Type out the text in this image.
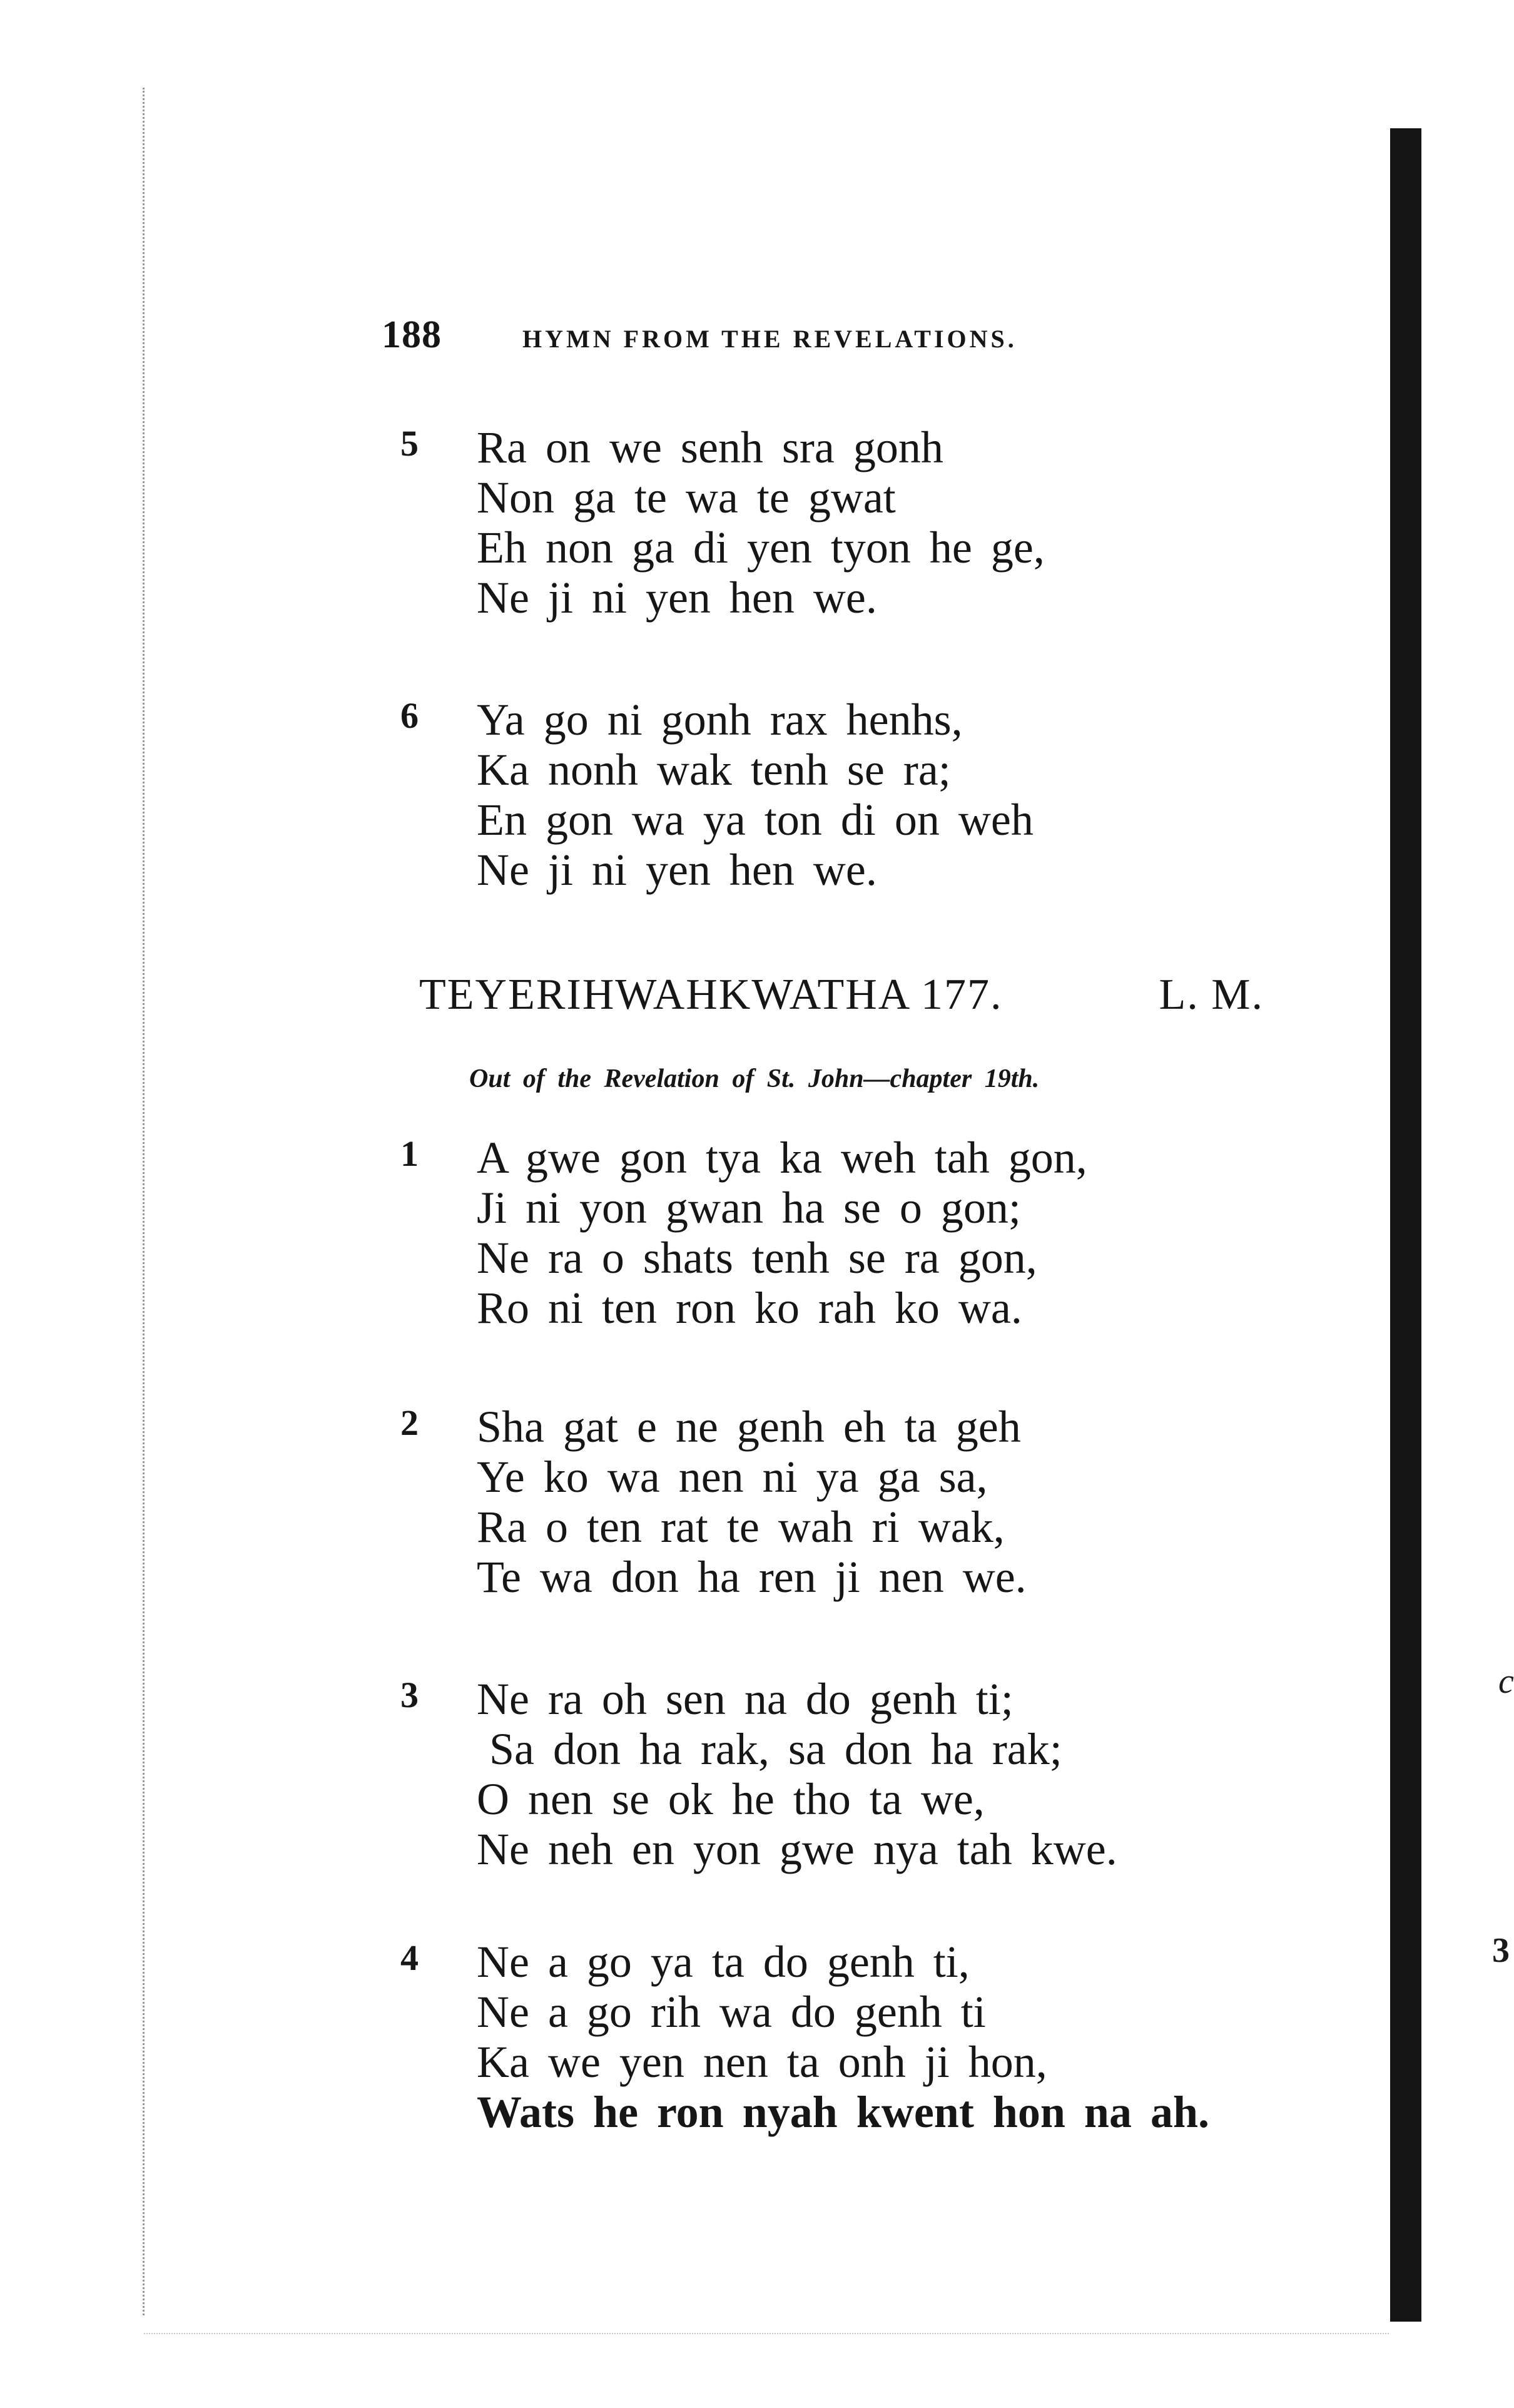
c
3
188	HYMN FROM THE REVELATIONS.
5 Ra on we senh sra gonh
Non ga te wa te gwat
Eh non ga di yen tyon he ge,
Ne ji ni yen hen we.
6 Ya go ni gonh rax henhs,
Ka nonh wak tenh se ra;
En gon wa ya ton di on weh
Ne ji ni yen hen we.
TEYERIHWAHKWATHA 177.	L. M.
Out of the Revelation of St. John—chapter 19th.
1 A gwe gon tya ka weh tah gon,
Ji ni yon gwan ha se o gon;
Ne ra o shats tenh se ra gon,
Ro ni ten ron ko rah ko wa.
2 Sha gat e ne genh eh ta geh
Ye ko wa nen ni ya ga sa,
Ra o ten rat te wah ri wak,
Te wa don ha ren ji nen we.
3 Ne ra oh sen na do genh ti;
Sa don ha rak, sa don ha rak;
O nen se ok he tho ta we,
Ne neh en yon gwe nya tah kwe.
4 Ne a go ya ta do genh ti,
Ne a go rih wa do genh ti
Ka we yen nen ta onh ji hon,
Wats he ron nyah kwent hon na ah.
